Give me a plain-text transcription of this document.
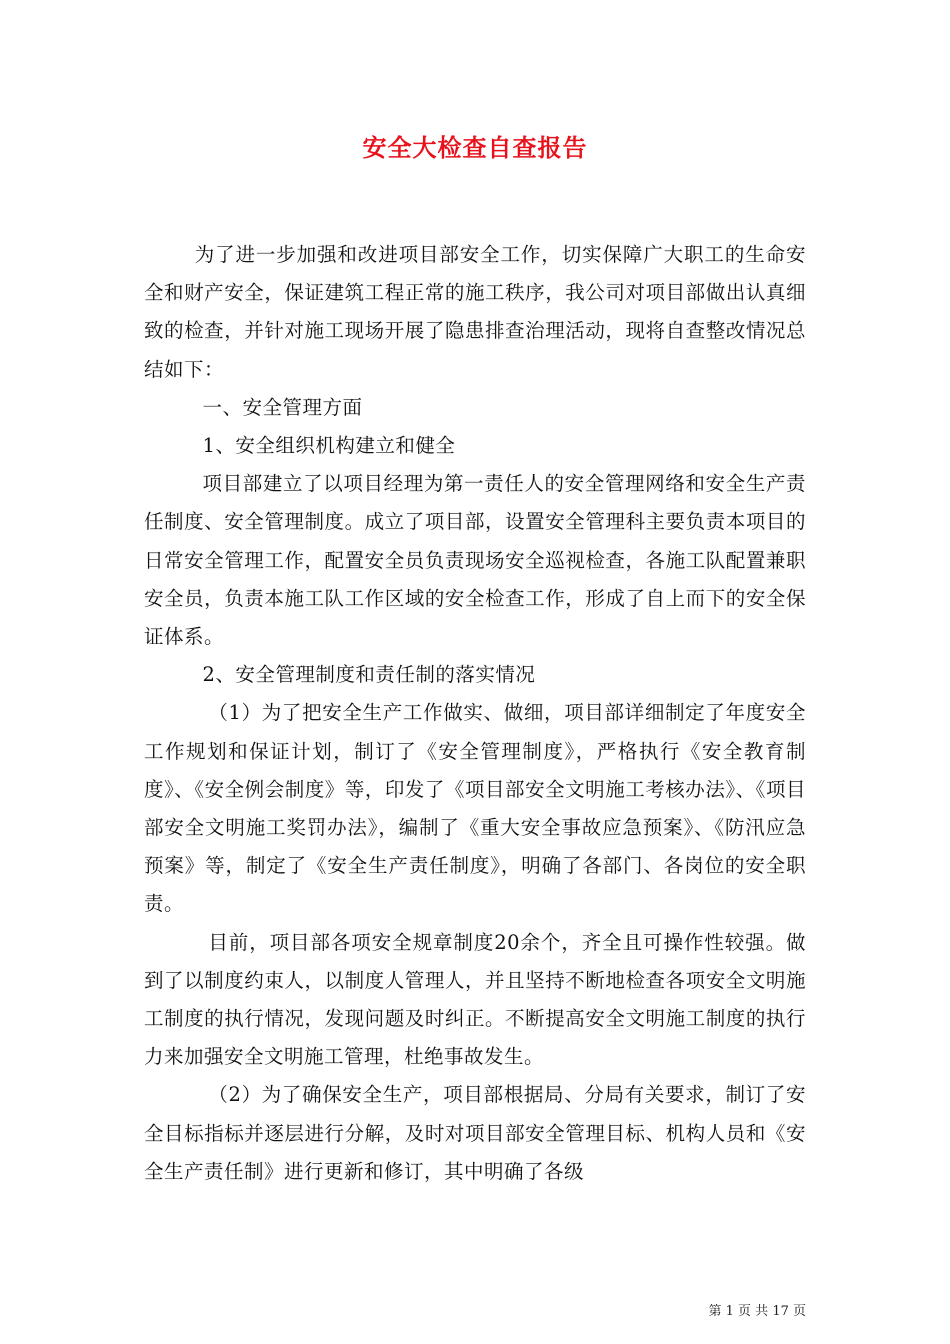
安全大检查自查报告

为了进一步加强和改进项目部安全工作，切实保障广大职工的生命安全和财产安全，保证建筑工程正常的施工秩序，我公司对项目部做出认真细致的检查，并针对施工现场开展了隐患排查治理活动，现将自查整改情况总结如下：

一、安全管理方面

1、安全组织机构建立和健全

项目部建立了以项目经理为第一责任人的安全管理网络和安全生产责任制度、安全管理制度。成立了项目部，设置安全管理科主要负责本项目的日常安全管理工作，配置安全员负责现场安全巡视检查，各施工队配置兼职安全员，负责本施工队工作区域的安全检查工作，形成了自上而下的安全保证体系。

2、安全管理制度和责任制的落实情况

（1）为了把安全生产工作做实、做细，项目部详细制定了年度安全工作规划和保证计划，制订了《安全管理制度》，严格执行《安全教育制度》、《安全例会制度》等，印发了《项目部安全文明施工考核办法》、《项目部安全文明施工奖罚办法》，编制了《重大安全事故应急预案》、《防汛应急预案》等，制定了《安全生产责任制度》，明确了各部门、各岗位的安全职责。

目前，项目部各项安全规章制度20余个，齐全且可操作性较强。做到了以制度约束人，以制度人管理人，并且坚持不断地检查各项安全文明施工制度的执行情况，发现问题及时纠正。不断提高安全文明施工制度的执行力来加强安全文明施工管理，杜绝事故发生。

（2）为了确保安全生产，项目部根据局、分局有关要求，制订了安全目标指标并逐层进行分解，及时对项目部安全管理目标、机构人员和《安全生产责任制》进行更新和修订，其中明确了各级

第 1 页 共 17 页
